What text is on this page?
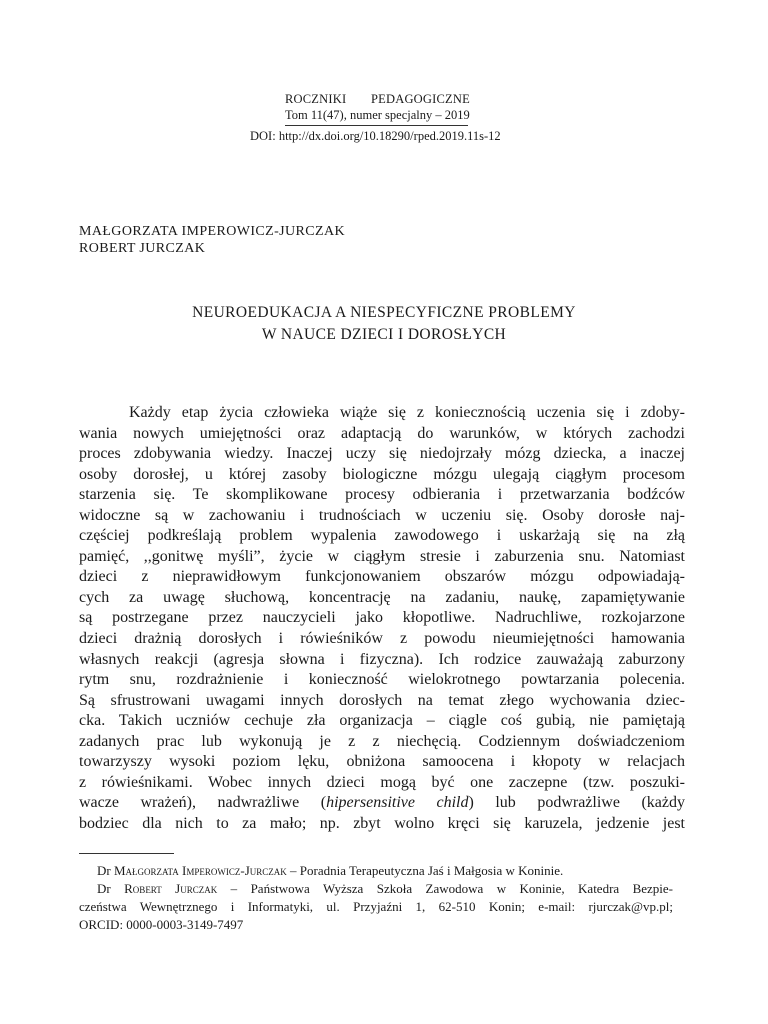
ROCZNIKI PEDAGOGICZNE
Tom 11(47), numer specjalny – 2019
DOI: http://dx.doi.org/10.18290/rped.2019.11s-12
MAŁGORZATA IMPEROWICZ-JURCZAK
ROBERT JURCZAK
NEUROEDUKACJA A NIESPECYFICZNE PROBLEMY
W NAUCE DZIECI I DOROSŁYCH
Każdy etap życia człowieka wiąże się z koniecznością uczenia się i zdoby-
wania nowych umiejętności oraz adaptacją do warunków, w których zachodzi
proces zdobywania wiedzy. Inaczej uczy się niedojrzały mózg dziecka, a inaczej
osoby dorosłej, u której zasoby biologiczne mózgu ulegają ciągłym procesom
starzenia się. Te skomplikowane procesy odbierania i przetwarzania bodźców
widoczne są w zachowaniu i trudnościach w uczeniu się. Osoby dorosłe naj-
częściej podkreślają problem wypalenia zawodowego i uskarżają się na złą
pamięć, ,,gonitwę myśli”, życie w ciągłym stresie i zaburzenia snu. Natomiast
dzieci z nieprawidłowym funkcjonowaniem obszarów mózgu odpowiadają-
cych za uwagę słuchową, koncentrację na zadaniu, naukę, zapamiętywanie
są postrzegane przez nauczycieli jako kłopotliwe. Nadruchliwe, rozkojarzone
dzieci drażnią dorosłych i rówieśników z powodu nieumiejętności hamowania
własnych reakcji (agresja słowna i fizyczna). Ich rodzice zauważają zaburzony
rytm snu, rozdrażnienie i konieczność wielokrotnego powtarzania polecenia.
Są sfrustrowani uwagami innych dorosłych na temat złego wychowania dziec-
cka. Takich uczniów cechuje zła organizacja – ciągle coś gubią, nie pamiętają
zadanych prac lub wykonują je z z niechęcią. Codziennym doświadczeniom
towarzyszy wysoki poziom lęku, obniżona samoocena i kłopoty w relacjach
z rówieśnikami. Wobec innych dzieci mogą być one zaczepne (tzw. poszuki-
wacze wrażeń), nadwrażliwe (hipersensitive child) lub podwrażliwe (każdy
bodziec dla nich to za mało; np. zbyt wolno kręci się karuzela, jedzenie jest
Dr Małgorzata Imperowicz-Jurczak – Poradnia Terapeutyczna Jaś i Małgosia w Koninie.
Dr Robert Jurczak – Państwowa Wyższa Szkoła Zawodowa w Koninie, Katedra Bezpie-
czeństwa Wewnętrznego i Informatyki, ul. Przyjaźni 1, 62-510 Konin; e-mail: rjurczak@vp.pl;
ORCID: 0000-0003-3149-7497
